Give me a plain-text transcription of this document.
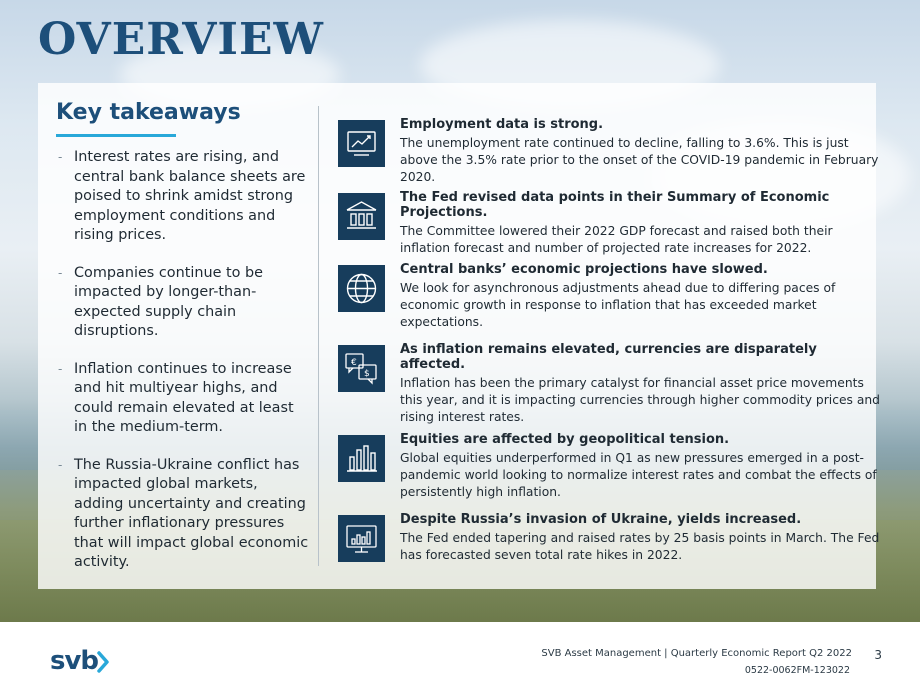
OVERVIEW
Key takeaways
- Interest rates are rising, and central bank balance sheets are poised to shrink amidst strong employment conditions and rising prices.
- Companies continue to be impacted by longer-than-expected supply chain disruptions.
- Inflation continues to increase and hit multiyear highs, and could remain elevated at least in the medium-term.
- The Russia-Ukraine conflict has impacted global markets, adding uncertainty and creating further inflationary pressures that will impact global economic activity.

Employment data is strong.

The unemployment rate continued to decline, falling to 3.6%. This is just above the 3.5% rate prior to the onset of the COVID-19 pandemic in February 2020.

The Fed revised data points in their Summary of Economic Projections.

The Committee lowered their 2022 GDP forecast and raised both their inflation forecast and number of projected rate increases for 2022.

Central banks’ economic projections have slowed.

We look for asynchronous adjustments ahead due to differing paces of economic growth in response to inflation that has exceeded market expectations.

€
$

As inflation remains elevated, currencies are disparately affected.

Inflation has been the primary catalyst for financial asset price movements this year, and it is impacting currencies through higher commodity prices and rising interest rates.

Equities are affected by geopolitical tension.

Global equities underperformed in Q1 as new pressures emerged in a post-pandemic world looking to normalize interest rates and combat the effects of persistently high inflation.

Despite Russia’s invasion of Ukraine, yields increased.

The Fed ended tapering and raised rates by 25 basis points in March. The Fed has forecasted seven total rate hikes in 2022.

svb	SVB Asset Management | Quarterly Economic Report Q2 2022
0522-0062FM-123022
3
